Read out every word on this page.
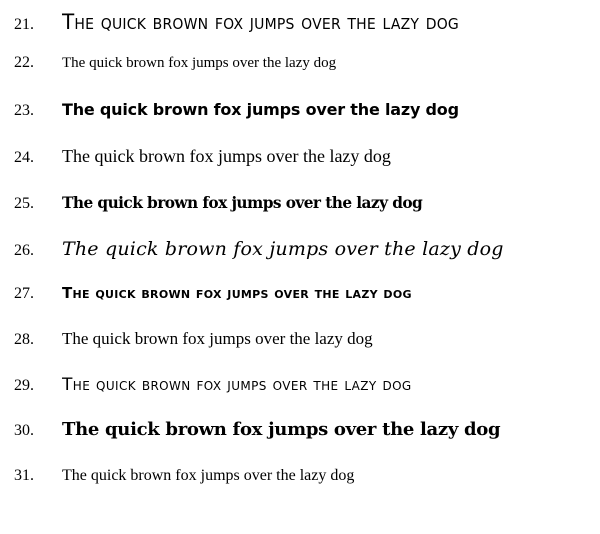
21.	The quick brown fox jumps over the lazy dog
22.	The quick brown fox jumps over the lazy dog
23.	The quick brown fox jumps over the lazy dog
24.	The quick brown fox jumps over the lazy dog
25.	The quick brown fox jumps over the lazy dog
26.	The quick brown fox jumps over the lazy dog
27.	The quick brown fox jumps over the lazy dog
28.	The quick brown fox jumps over the lazy dog
29.	The quick brown fox jumps over the lazy dog
30.	The quick brown fox jumps over the lazy dog
31.	The quick brown fox jumps over the lazy dog
